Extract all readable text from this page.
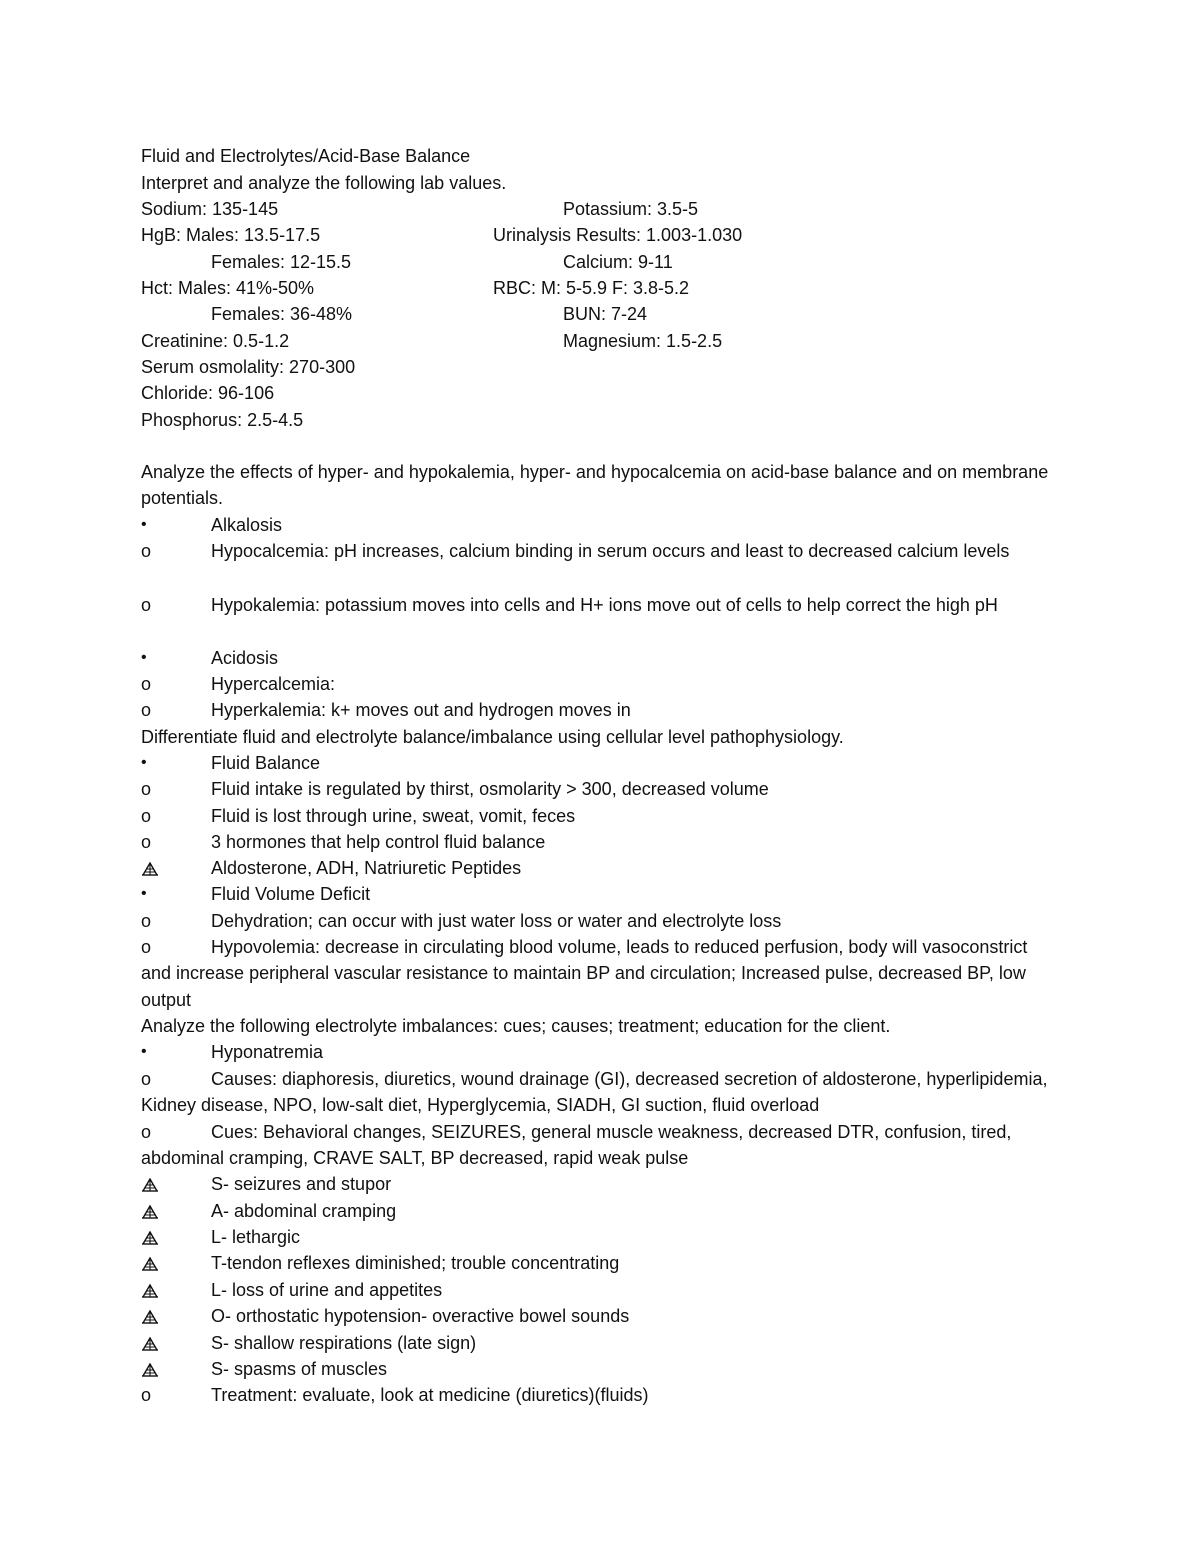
Fluid and Electrolytes/Acid-Base Balance
Interpret and analyze the following lab values.
Sodium: 135-145	Potassium: 3.5-5
HgB: Males: 13.5-17.5	Urinalysis Results: 1.003-1.030
Females: 12-15.5	Calcium: 9-11
Hct: Males: 41%-50%	RBC: M: 5-5.9 F: 3.8-5.2
Females: 36-48%	BUN: 7-24
Creatinine: 0.5-1.2	Magnesium: 1.5-2.5
Serum osmolality: 270-300
Chloride: 96-106
Phosphorus: 2.5-4.5
Analyze the effects of hyper- and hypokalemia, hyper- and hypocalcemia on acid-base balance and on membrane potentials.
•	Alkalosis
o	Hypocalcemia: pH increases, calcium binding in serum occurs and least to decreased calcium levels
o	Hypokalemia: potassium moves into cells and H+ ions move out of cells to help correct the high pH
•	Acidosis
o	Hypercalcemia:
o	Hyperkalemia: k+ moves out and hydrogen moves in
Differentiate fluid and electrolyte balance/imbalance using cellular level pathophysiology.
•	Fluid Balance
o	Fluid intake is regulated by thirst, osmolarity > 300, decreased volume
o	Fluid is lost through urine, sweat, vomit, feces
o	3 hormones that help control fluid balance
Aldosterone, ADH, Natriuretic Peptides
•	Fluid Volume Deficit
o	Dehydration; can occur with just water loss or water and electrolyte loss
o	Hypovolemia: decrease in circulating blood volume, leads to reduced perfusion, body will vasoconstrict and increase peripheral vascular resistance to maintain BP and circulation; Increased pulse, decreased BP, low output
Analyze the following electrolyte imbalances: cues; causes; treatment; education for the client.
•	Hyponatremia
o	Causes: diaphoresis, diuretics, wound drainage (GI), decreased secretion of aldosterone, hyperlipidemia, Kidney disease, NPO, low-salt diet, Hyperglycemia, SIADH, GI suction, fluid overload
o	Cues: Behavioral changes, SEIZURES, general muscle weakness, decreased DTR, confusion, tired, abdominal cramping, CRAVE SALT, BP decreased, rapid weak pulse
S- seizures and stupor
A- abdominal cramping
L- lethargic
T-tendon reflexes diminished; trouble concentrating
L- loss of urine and appetites
O- orthostatic hypotension- overactive bowel sounds
S- shallow respirations (late sign)
S- spasms of muscles
o	Treatment: evaluate, look at medicine (diuretics)(fluids)
